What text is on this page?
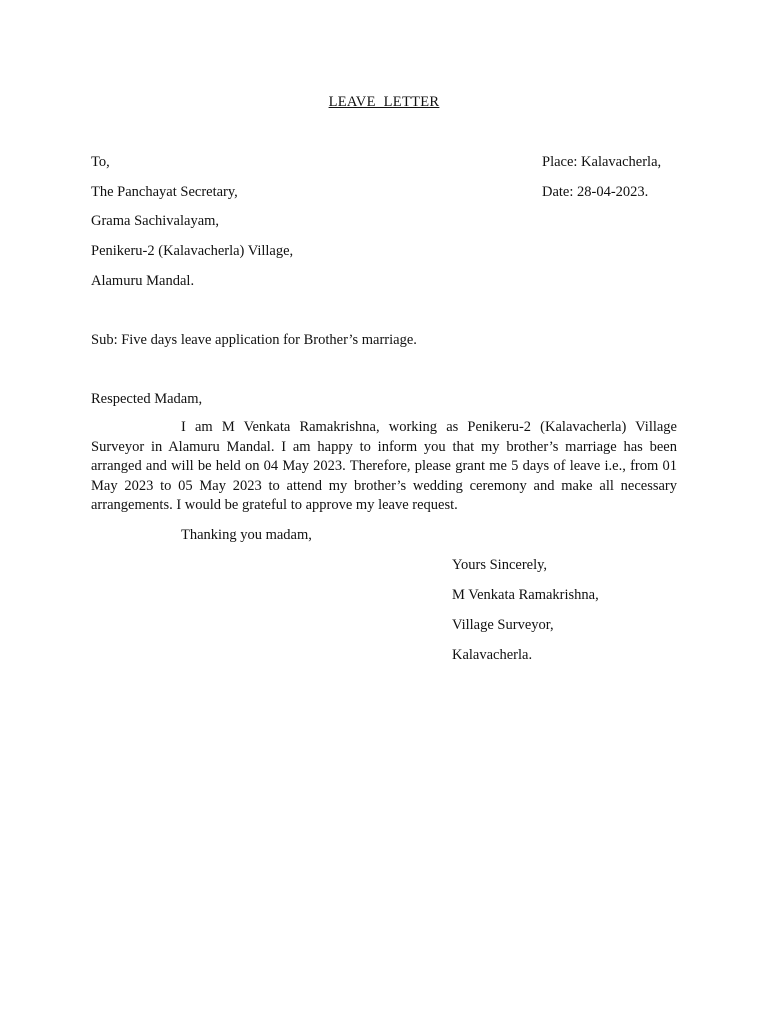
LEAVE LETTER
To,	Place: Kalavacherla,
The Panchayat Secretary,	Date: 28-04-2023.
Grama Sachivalayam,
Penikeru-2 (Kalavacherla) Village,
Alamuru Mandal.
Sub: Five days leave application for Brother’s marriage.
Respected Madam,
I am M Venkata Ramakrishna, working as Penikeru-2 (Kalavacherla) Village Surveyor in Alamuru Mandal. I am happy to inform you that my brother’s marriage has been arranged and will be held on 04 May 2023. Therefore, please grant me 5 days of leave i.e., from 01 May 2023 to 05 May 2023 to attend my brother’s wedding ceremony and make all necessary arrangements. I would be grateful to approve my leave request.
Thanking you madam,
Yours Sincerely,
M Venkata Ramakrishna,
Village Surveyor,
Kalavacherla.
